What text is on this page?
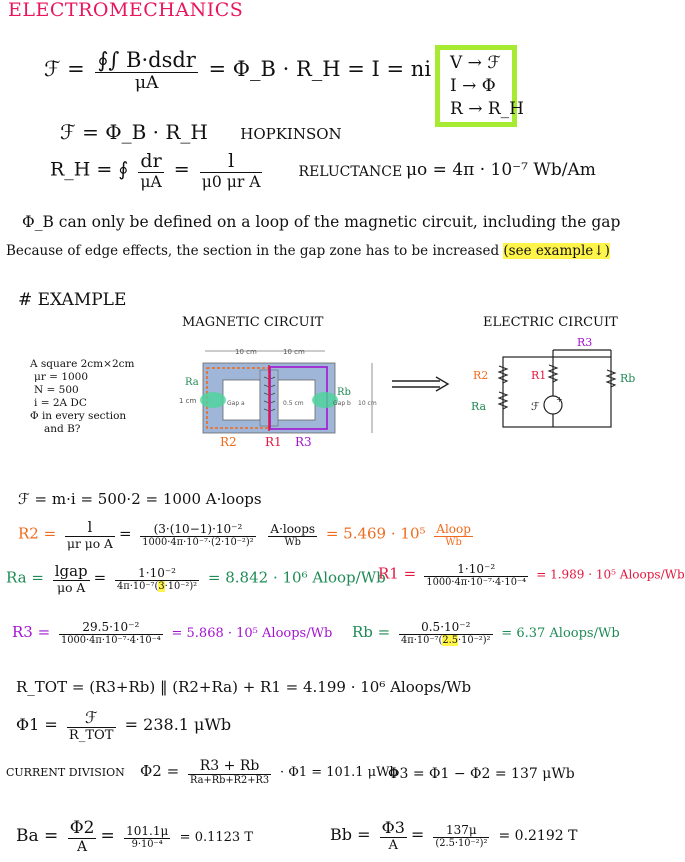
ELECTROMECHANICS
ℱ = $\frac{\text{∮∫ B·dsdr}}{\mu A}$ = Φ_B · R_H = I = ni V → ℱ
I → Φ
R → R_H
ℱ = Φ_B · R_H HOPKINSON
R_H = ∮ $\frac{dr}{\mu A} = \frac{l}{\text{μ0 μr A}}$	RELUCTANCE μo = 4π · 10⁻⁷ Wb/Am
Φ_B can only be defined on a loop of the magnetic circuit, including the gap
Because of edge effects, the section in the gap zone has to be increased (see example↓)
# EXAMPLE
MAGNETIC CIRCUIT	ELECTRIC CIRCUIT
A square 2cm×2cm
μr = 1000
N = 500
i = 2A DC
Φ in every section
and B?
10 cm	10 cm
1 cm	Gap a	0.5 cm	Gap b 10 cm
Ra
Rb
R2 R1 R3
+
R3
R2	R1	Rb
Ra	ℱ
ℱ = m·i = 500·2 = 1000 A·loops
$R2 = \frac{l}{\text{μr μo A}} = \frac{\text{(3·(10−1)·10⁻²}}{\text{1000·4π·10⁻⁷·(2·10⁻²)²}}$
$\frac{\text{A·loops}}{Wb} = 5.469 \cdot 10^5 \frac{\text{Aloop}}{Wb}$
$Ra = \frac{\text{lgap}}{\text{μo A}} = \frac{\text{1·10⁻²}}{\text{4π·10⁻⁷(3·10⁻²)²}} = 8.842 \cdot 10^6$ Aloop/Wb
$R1 = \frac{\text{1·10⁻²}}{\text{1000·4π·10⁻⁷·4·10⁻⁴}} = 1.989 \cdot 10^5$ Aloops/Wb
$R3 = \frac{\text{29.5·10⁻²}}{\text{1000·4π·10⁻⁷·4·10⁻⁴}} = 5.868 \cdot 10^5$ Aloops/Wb $Rb = \frac{\text{0.5·10⁻²}}{\text{4π·10⁻⁷(2.5·10⁻²)²}} = 6.37$ Aloops/Wb
R_TOT = (R3+Rb) ‖ (R2+Ra) + R1 = 4.199 · 10⁶ Aloops/Wb
$\Phi 1 = \frac{\text{ℱ}}{\text{R\_TOT}} = 238.1$ μWb
CURRENT DIVISION $\Phi 2 = \frac{R3 + Rb}{Ra+Rb+R2+R3} \cdot \Phi 1 = 101.1$ μWb
Φ3 = Φ1 − Φ2 = 137 μWb
$Ba = \frac{\Phi 2}{A} = \frac{101.1\mu}{\text{9·10⁻⁴}} = 0.1123$ T	$Bb = \frac{\Phi 3}{A} = \frac{137\mu}{\text{(2.5·10⁻²)²}} = 0.2192$ T
